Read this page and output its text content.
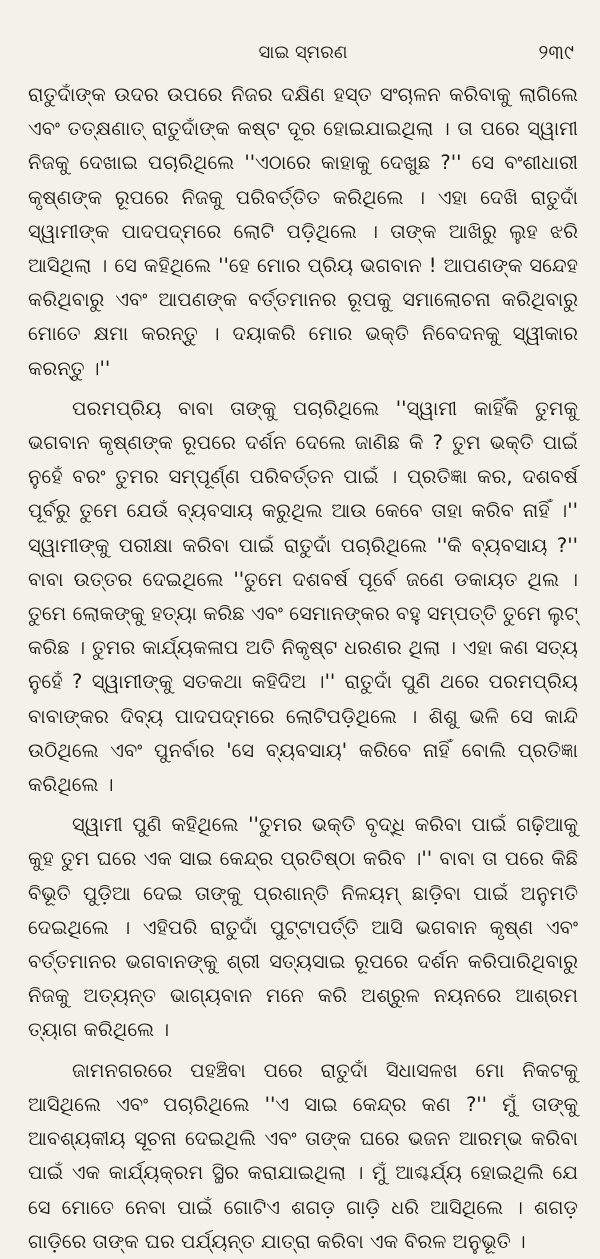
ସାଇ ସ୍ମରଣ	୨୩୯

ରାତୁଦାଁଙ୍କ ଉଦର ଉପରେ ନିଜର ଦକ୍ଷିଣ ହସ୍ତ ସଂଚାଳନ କରିବାକୁ ଲାଗିଲେ ଏବଂ ତତ୍‌କ୍ଷଣାତ୍ ରାତୁଦାଁଙ୍କ କଷ୍ଟ ଦୂର ହୋଇଯାଇଥିଲା । ତା ପରେ ସ୍ୱାମୀ ନିଜକୁ ଦେଖାଇ ପଚାରିଥିଲେ ''ଏଠାରେ କାହାକୁ ଦେଖୁଛ ?'' ସେ ବଂଶୀଧାରୀ କୃଷ୍ଣଙ୍କ ରୂପରେ ନିଜକୁ ପରିବର୍ତ୍ତିତ କରିଥିଲେ । ଏହା ଦେଖି ରାତୁଦାଁ ସ୍ୱାମୀଙ୍କ ପାଦପଦ୍ମରେ ଲୋଟି ପଡ଼ିଥିଲେ । ତାଙ୍କ ଆଖିରୁ ଲୁହ ଝରି ଆସିଥିଲା । ସେ କହିଥିଲେ ''ହେ ମୋର ପ୍ରିୟ ଭଗବାନ ! ଆପଣଙ୍କ ସନ୍ଦେହ କରିଥିବାରୁ ଏବଂ ଆପଣଙ୍କ ବର୍ତ୍ତମାନର ରୂପକୁ ସମାଲୋଚନା କରିଥିବାରୁ ମୋତେ କ୍ଷମା କରନ୍ତୁ । ଦୟାକରି ମୋର ଭକ୍ତି ନିବେଦନକୁ ସ୍ୱୀକାର କରନ୍ତୁ ।''

ପରମପ୍ରିୟ ବାବା ତାଙ୍କୁ ପଚାରିଥିଲେ ''ସ୍ୱାମୀ କାହିଁକି ତୁମକୁ ଭଗବାନ କୃଷ୍ଣଙ୍କ ରୂପରେ ଦର୍ଶନ ଦେଲେ ଜାଣିଛ କି ? ତୁମ ଭକ୍ତି ପାଇଁ ନୁହେଁ ବରଂ ତୁମର ସମ୍ପୂର୍ଣ୍ଣ ପରିବର୍ତ୍ତନ ପାଇଁ । ପ୍ରତିଜ୍ଞା କର, ଦଶବର୍ଷ ପୂର୍ବରୁ ତୁମେ ଯେଉଁ ବ୍ୟବସାୟ କରୁଥିଲ ଆଉ କେବେ ତାହା କରିବ ନାହିଁ ।'' ସ୍ୱାମୀଙ୍କୁ ପରୀକ୍ଷା କରିବା ପାଇଁ ରାତୁଦାଁ ପଚାରିଥିଲେ ''କି ବ୍ୟବସାୟ ?'' ବାବା ଉତ୍ତର ଦେଇଥିଲେ ''ତୁମେ ଦଶବର୍ଷ ପୂର୍ବେ ଜଣେ ଡକାୟତ ଥିଲ । ତୁମେ ଲୋକଙ୍କୁ ହତ୍ୟା କରିଛ ଏବଂ ସେମାନଙ୍କର ବହୁ ସମ୍ପତ୍ତି ତୁମେ ଲୁଟ୍ କରିଛ । ତୁମର କାର୍ଯ୍ୟକଳାପ ଅତି ନିକୃଷ୍ଟ ଧରଣର ଥିଲା । ଏହା କଣ ସତ୍ୟ ନୁହେଁ ? ସ୍ୱାମୀଙ୍କୁ ସତକଥା କହିଦିଅ ।'' ରାତୁଦାଁ ପୁଣି ଥରେ ପରମପ୍ରିୟ ବାବାଙ୍କର ଦିବ୍ୟ ପାଦପଦ୍ମରେ ଲୋଟିପଡ଼ିଥିଲେ । ଶିଶୁ ଭଳି ସେ କାନ୍ଦି ଉଠିଥିଲେ ଏବଂ ପୁନର୍ବାର 'ସେ ବ୍ୟବସାୟ' କରିବେ ନାହିଁ ବୋଲି ପ୍ରତିଜ୍ଞା କରିଥିଲେ ।

ସ୍ୱାମୀ ପୁଣି କହିଥିଲେ ''ତୁମର ଭକ୍ତି ବୃଦ୍ଧି କରିବା ପାଇଁ ଗଢ଼ିଆକୁ କୁହ ତୁମ ଘରେ ଏକ ସାଇ କେନ୍ଦ୍ର ପ୍ରତିଷ୍ଠା କରିବ ।'' ବାବା ତା ପରେ କିଛି ବିଭୂତି ପୁଡ଼ିଆ ଦେଇ ତାଙ୍କୁ ପ୍ରଶାନ୍ତି ନିଳୟମ୍ ଛାଡ଼ିବା ପାଇଁ ଅନୁମତି ଦେଇଥିଲେ । ଏହିପରି ରାତୁଦାଁ ପୁଟ୍ଟାପର୍ତ୍ତି ଆସି ଭଗବାନ କୃଷ୍ଣ ଏବଂ ବର୍ତ୍ତମାନର ଭଗବାନଙ୍କୁ ଶ୍ରୀ ସତ୍ୟସାଇ ରୂପରେ ଦର୍ଶନ କରିପାରିଥିବାରୁ ନିଜକୁ ଅତ୍ୟନ୍ତ ଭାଗ୍ୟବାନ ମନେ କରି ଅଶ୍ରୁଳ ନୟନରେ ଆଶ୍ରମ ତ୍ୟାଗ କରିଥିଲେ ।

ଜାମନଗରରେ ପହଞ୍ଚିବା ପରେ ରାତୁଦାଁ ସିଧାସଳଖ ମୋ ନିକଟକୁ ଆସିଥିଲେ ଏବଂ ପଚାରିଥିଲେ ''ଏ ସାଇ କେନ୍ଦ୍ର କଣ ?'' ମୁଁ ତାଙ୍କୁ ଆବଶ୍ୟକୀୟ ସୂଚନା ଦେଇଥିଲି ଏବଂ ତାଙ୍କ ଘରେ ଭଜନ ଆରମ୍ଭ କରିବା ପାଇଁ ଏକ କାର୍ଯ୍ୟକ୍ରମ ସ୍ଥିର କରାଯାଇଥିଲା । ମୁଁ ଆଶ୍ଚର୍ଯ୍ୟ ହୋଇଥିଲି ଯେ ସେ ମୋତେ ନେବା ପାଇଁ ଗୋଟିଏ ଶଗଡ଼ ଗାଡ଼ି ଧରି ଆସିଥିଲେ । ଶଗଡ଼ ଗାଡ଼ିରେ ତାଙ୍କ ଘର ପର୍ଯ୍ୟନ୍ତ ଯାତ୍ରା କରିବା ଏକ ବିରଳ ଅନୁଭୂତି ।
